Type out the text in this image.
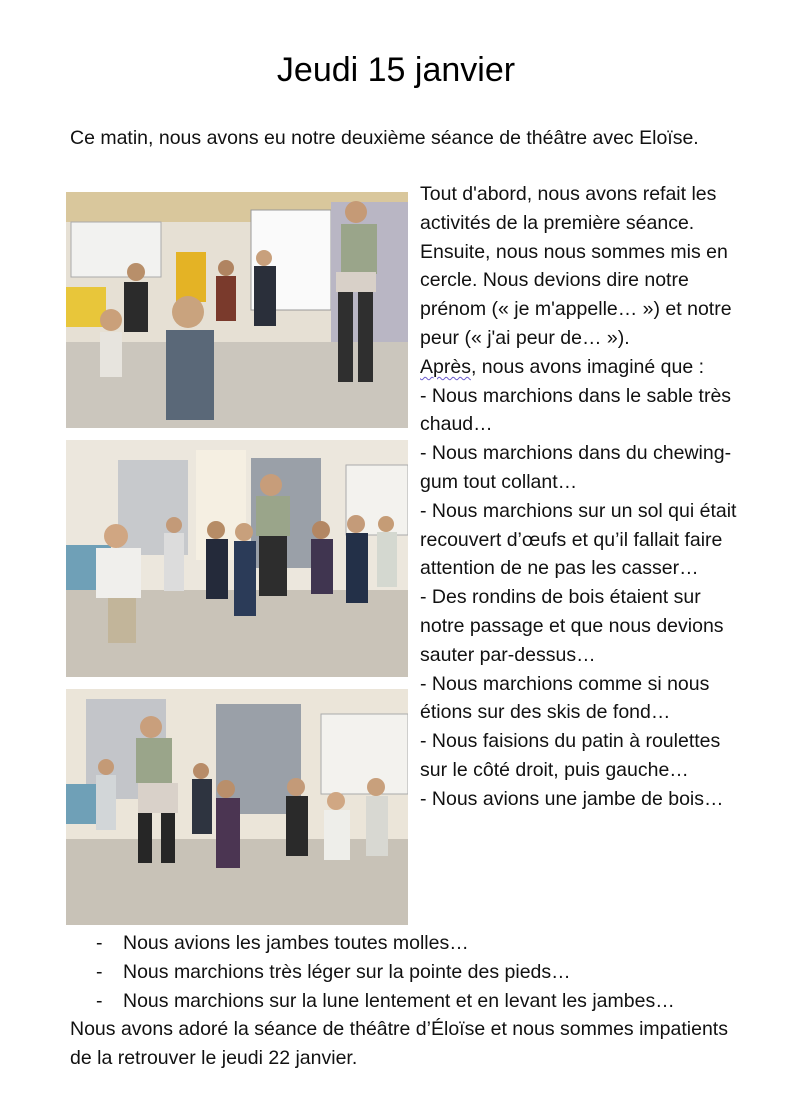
Jeudi 15 janvier
Ce matin, nous avons eu notre deuxième séance de théâtre avec Eloïse.

Tout d'abord, nous avons refait les activités de la première séance.

Ensuite, nous nous sommes mis en cercle. Nous devions dire notre prénom (« je m'appelle… ») et notre peur (« j'ai peur de… »).

Après, nous avons imaginé que :

- Nous marchions dans le sable très chaud…

- Nous marchions dans du chewing-gum tout collant…

- Nous marchions sur un sol qui était recouvert d’œufs et qu’il fallait faire attention de ne pas les casser…

- Des rondins de bois étaient sur notre passage et que nous devions sauter par-dessus…

- Nous marchions comme si nous étions sur des skis de fond…

- Nous faisions du patin à roulettes sur le côté droit, puis gauche…

- Nous avions une jambe de bois…

- Nous avions les jambes toutes molles…
- Nous marchions très léger sur la pointe des pieds…
- Nous marchions sur la lune lentement et en levant les jambes…
Nous avons adoré la séance de théâtre d’Éloïse et nous sommes impatients de la retrouver le jeudi 22 janvier.
